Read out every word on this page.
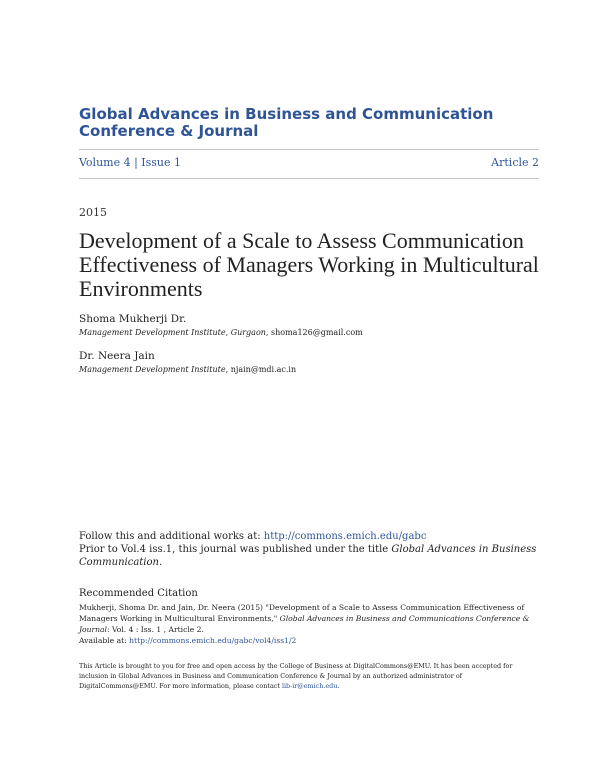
Global Advances in Business and Communication Conference & Journal
Volume 4 | Issue 1	Article 2
2015
Development of a Scale to Assess Communication Effectiveness of Managers Working in Multicultural Environments
Shoma Mukherji Dr.
Management Development Institute, Gurgaon, shoma126@gmail.com
Dr. Neera Jain
Management Development Institute, njain@mdi.ac.in
Follow this and additional works at: http://commons.emich.edu/gabc
Prior to Vol.4 iss.1, this journal was published under the title Global Advances in Business Communication.
Recommended Citation
Mukherji, Shoma Dr. and Jain, Dr. Neera (2015) "Development of a Scale to Assess Communication Effectiveness of Managers Working in Multicultural Environments," Global Advances in Business and Communications Conference & Journal: Vol. 4 : Iss. 1 , Article 2.
Available at: http://commons.emich.edu/gabc/vol4/iss1/2
This Article is brought to you for free and open access by the College of Business at DigitalCommons@EMU. It has been accepted for inclusion in Global Advances in Business and Communication Conference & Journal by an authorized administrator of DigitalCommons@EMU. For more information, please contact lib-ir@emich.edu.
